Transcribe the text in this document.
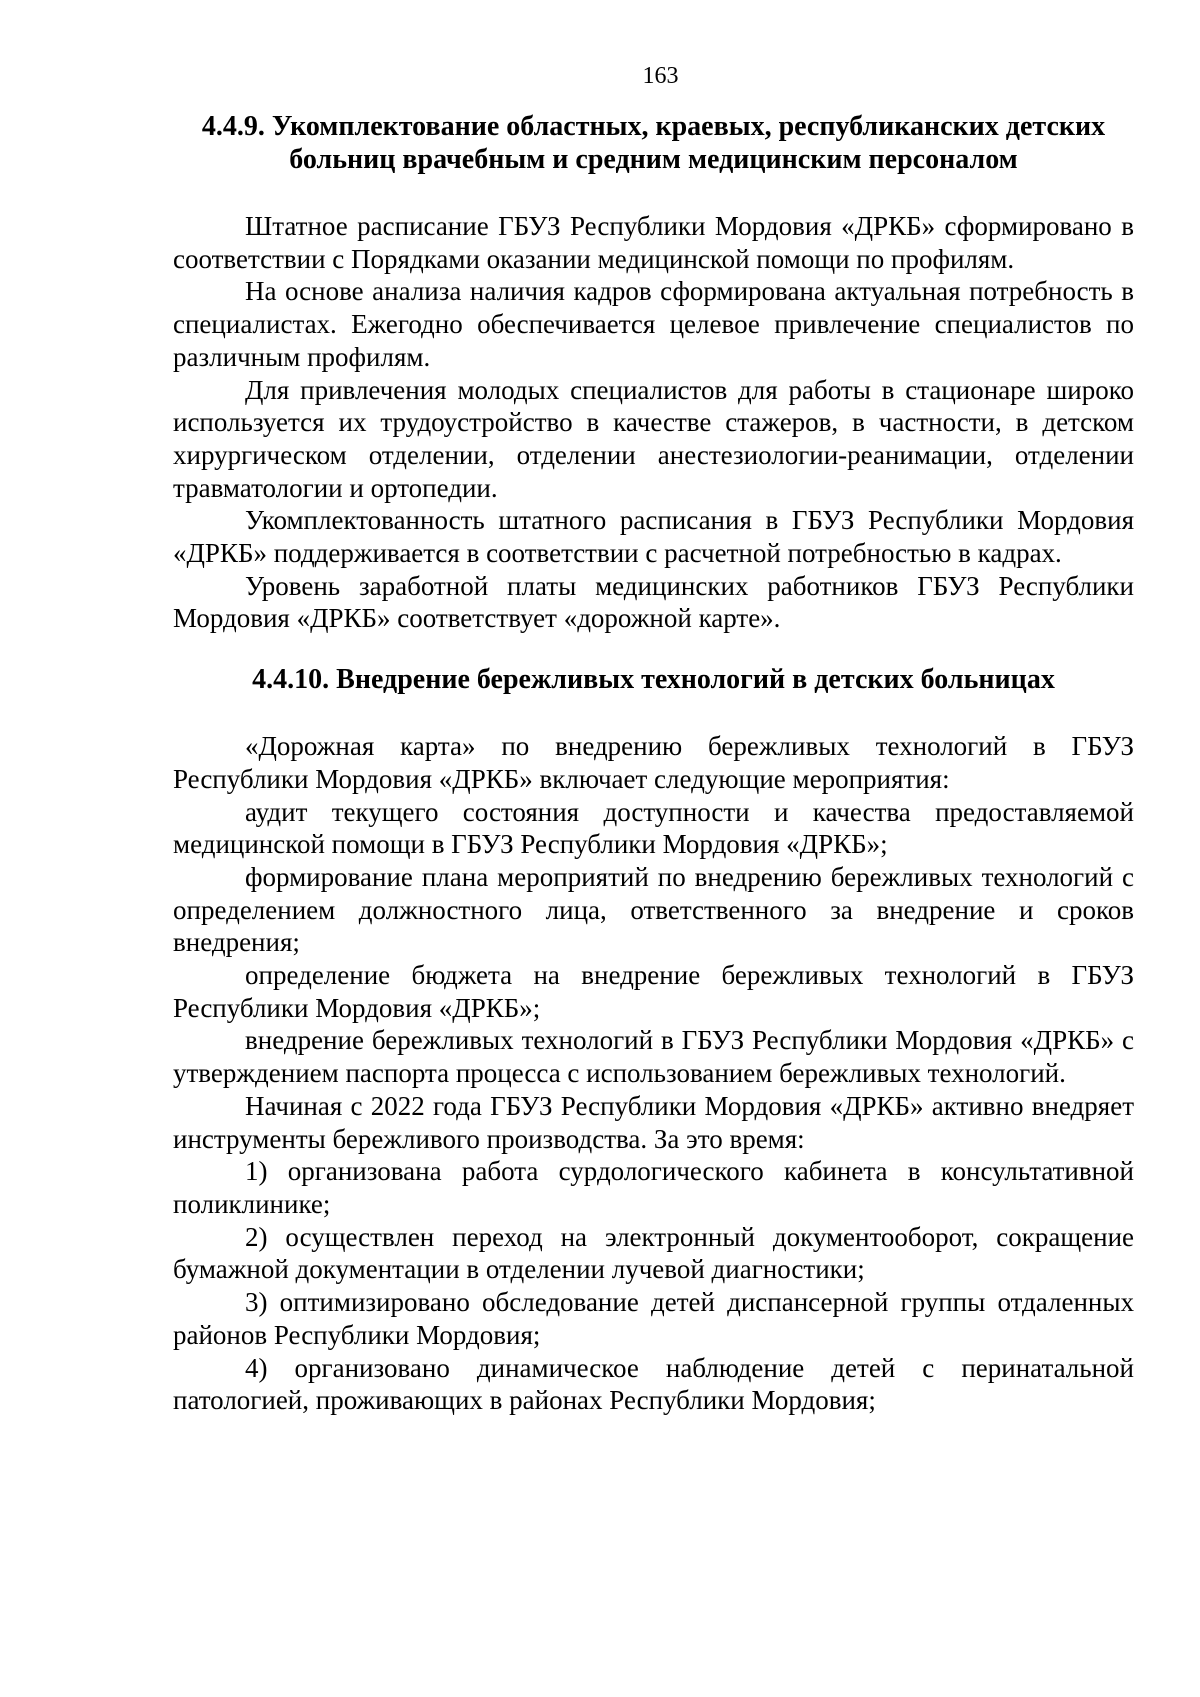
163
4.4.9. Укомплектование областных, краевых, республиканских детских
больниц врачебным и средним медицинским персоналом

Штатное расписание ГБУЗ Республики Мордовия «ДРКБ» сформировано в соответствии с Порядками оказании медицинской помощи по профилям.

На основе анализа наличия кадров сформирована актуальная потребность в специалистах. Ежегодно обеспечивается целевое привлечение специалистов по различным профилям.

Для привлечения молодых специалистов для работы в стационаре широко используется их трудоустройство в качестве стажеров, в частности, в детском хирургическом отделении, отделении анестезиологии-реанимации, отделении травматологии и ортопедии.

Укомплектованность штатного расписания в ГБУЗ Республики Мордовия «ДРКБ» поддерживается в соответствии с расчетной потребностью в кадрах.

Уровень заработной платы медицинских работников ГБУЗ Республики Мордовия «ДРКБ» соответствует «дорожной карте».

4.4.10. Внедрение бережливых технологий в детских больницах

«Дорожная карта» по внедрению бережливых технологий в ГБУЗ Республики Мордовия «ДРКБ» включает следующие мероприятия:

аудит текущего состояния доступности и качества предоставляемой медицинской помощи в ГБУЗ Республики Мордовия «ДРКБ»;

формирование плана мероприятий по внедрению бережливых технологий с определением должностного лица, ответственного за внедрение и сроков внедрения;

определение бюджета на внедрение бережливых технологий в ГБУЗ Республики Мордовия «ДРКБ»;

внедрение бережливых технологий в ГБУЗ Республики Мордовия «ДРКБ» с утверждением паспорта процесса с использованием бережливых технологий.

Начиная с 2022 года ГБУЗ Республики Мордовия «ДРКБ» активно внедряет инструменты бережливого производства. За это время:

1) организована работа сурдологического кабинета в консультативной поликлинике;

2) осуществлен переход на электронный документооборот, сокращение бумажной документации в отделении лучевой диагностики;

3) оптимизировано обследование детей диспансерной группы отдаленных районов Республики Мордовия;

4) организовано динамическое наблюдение детей с перинатальной патологией, проживающих в районах Республики Мордовия;
